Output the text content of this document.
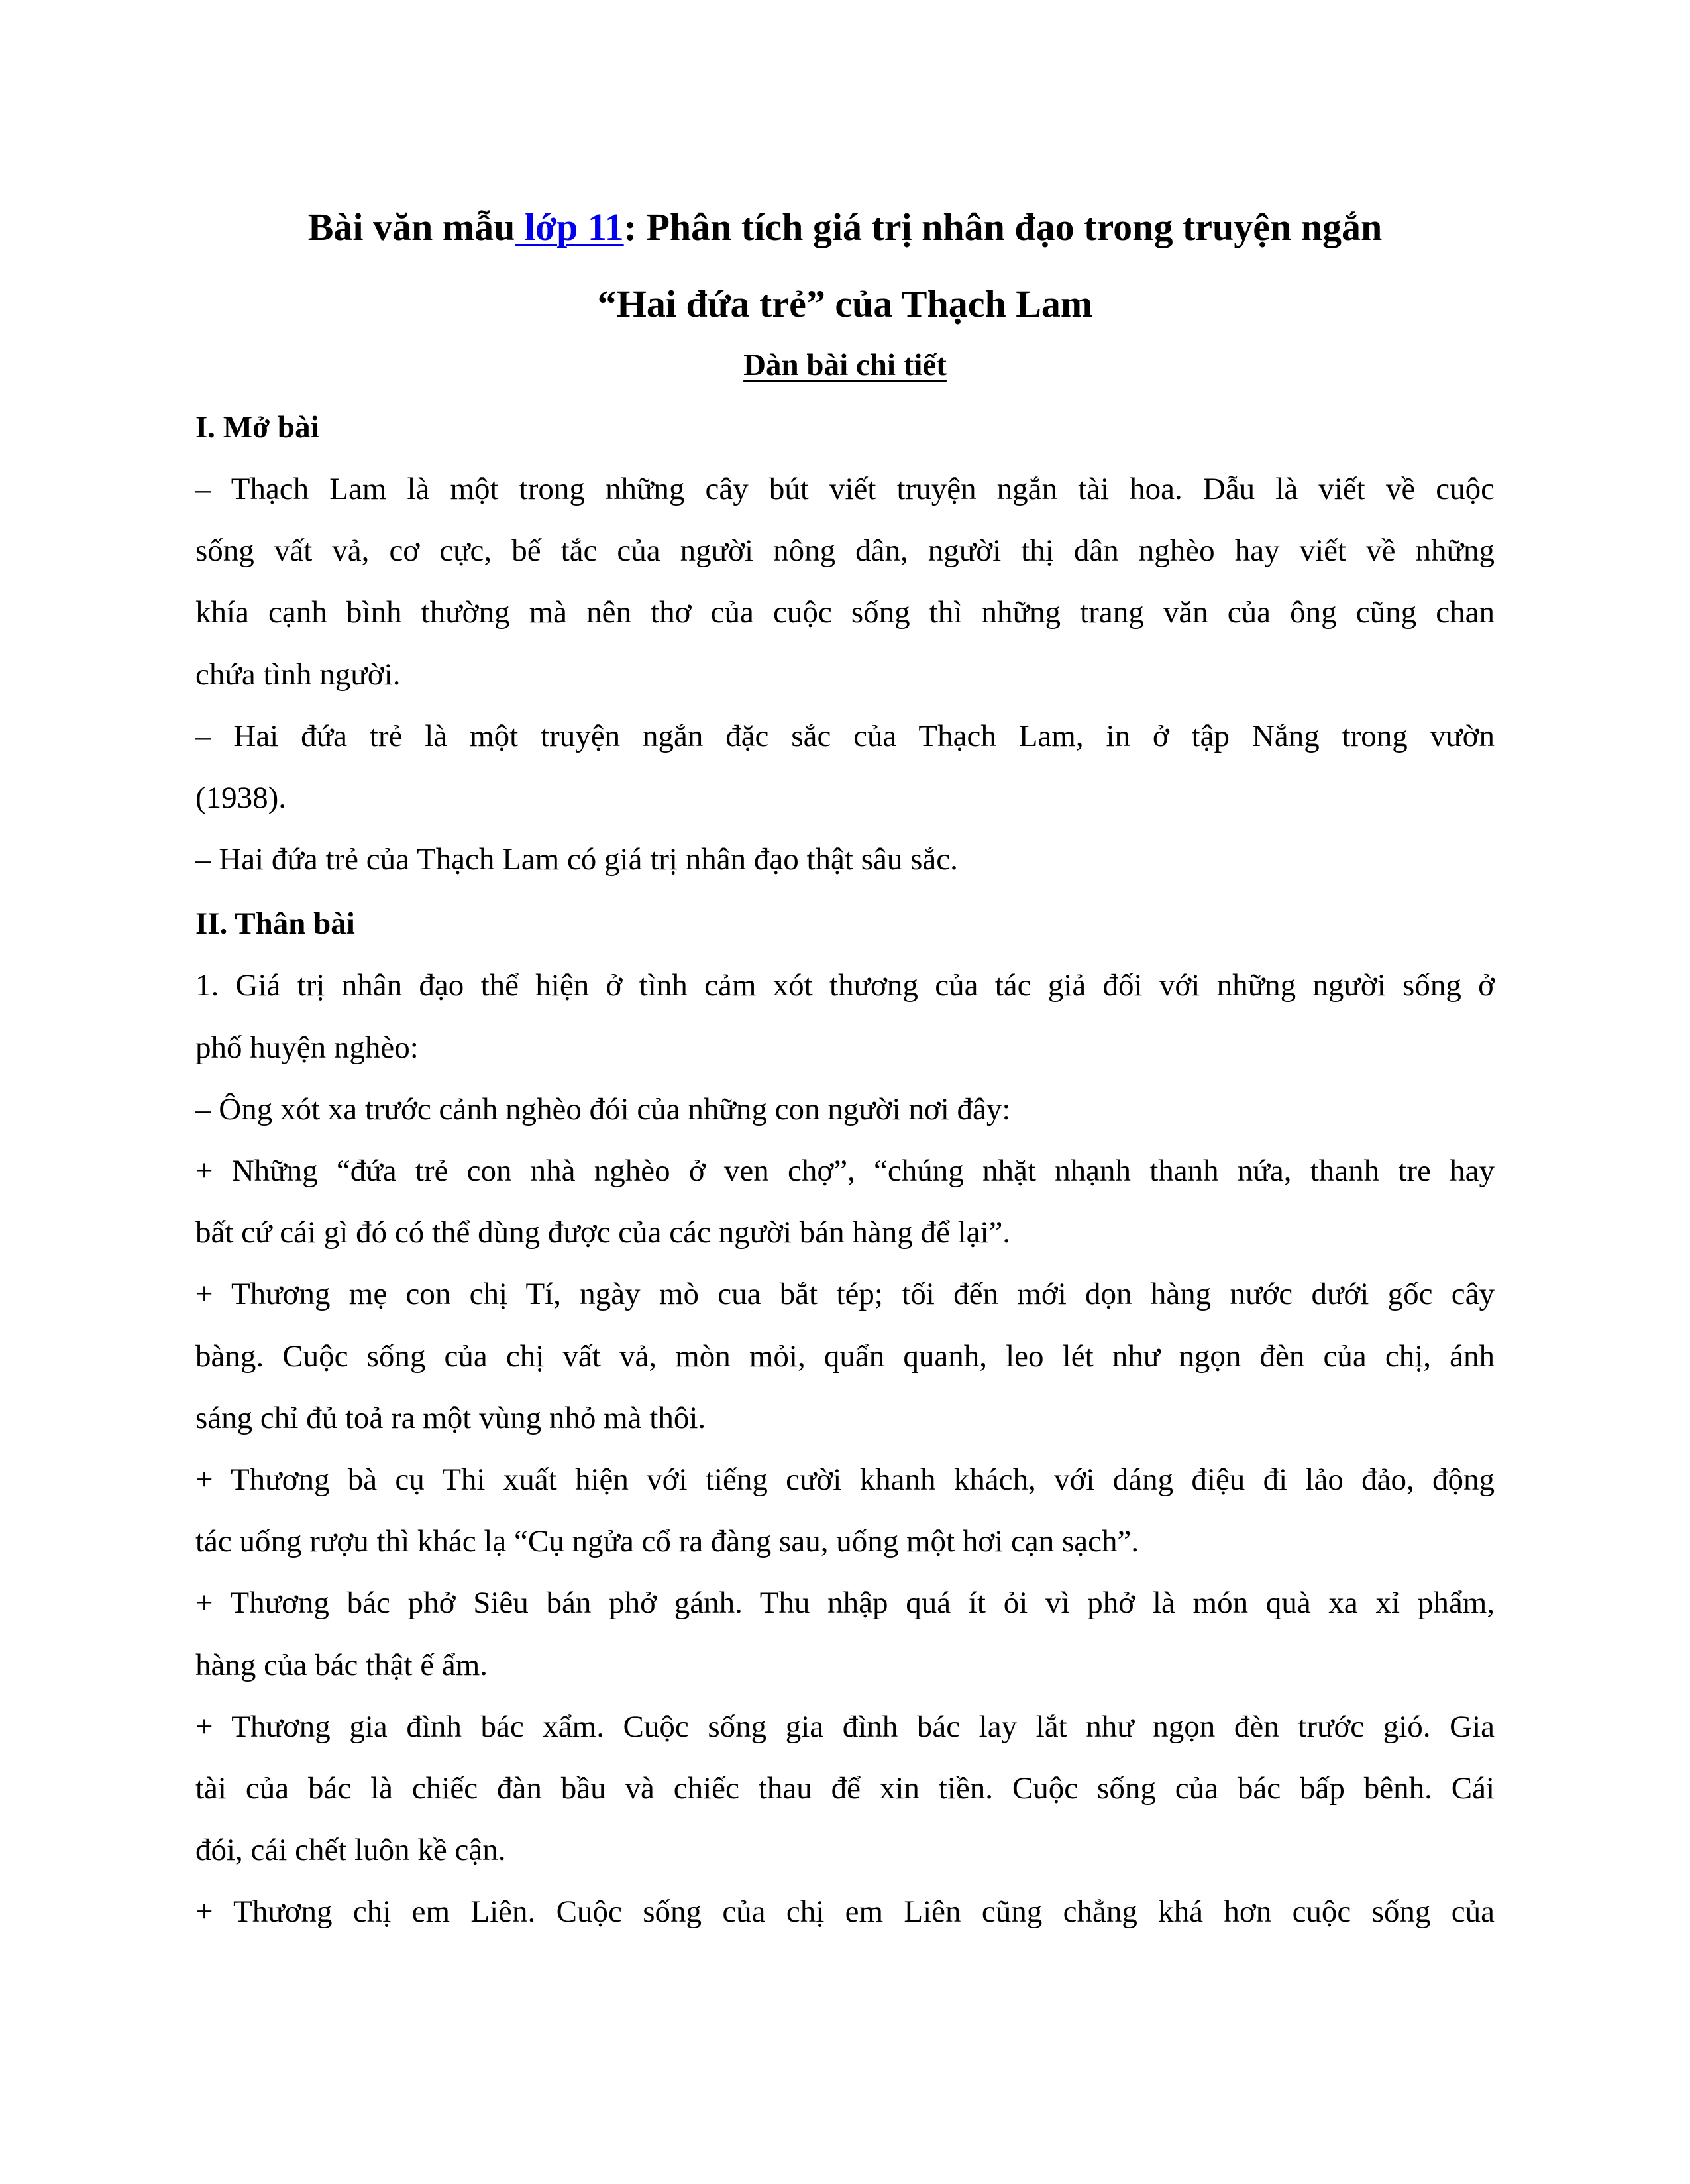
Bài văn mẫu lớp 11: Phân tích giá trị nhân đạo trong truyện ngắn
“Hai đứa trẻ” của Thạch Lam
Dàn bài chi tiết
I. Mở bài

– Thạch Lam là một trong những cây bút viết truyện ngắn tài hoa. Dẫu là viết về cuộc
sống vất vả, cơ cực, bế tắc của người nông dân, người thị dân nghèo hay viết về những
khía cạnh bình thường mà nên thơ của cuộc sống thì những trang văn của ông cũng chan
chứa tình người.

– Hai đứa trẻ là một truyện ngắn đặc sắc của Thạch Lam, in ở tập Nắng trong vườn
(1938).

– Hai đứa trẻ của Thạch Lam có giá trị nhân đạo thật sâu sắc.

II. Thân bài

1. Giá trị nhân đạo thể hiện ở tình cảm xót thương của tác giả đối với những người sống ở
phố huyện nghèo:

– Ông xót xa trước cảnh nghèo đói của những con người nơi đây:

+ Những “đứa trẻ con nhà nghèo ở ven chợ”, “chúng nhặt nhạnh thanh nứa, thanh tre hay
bất cứ cái gì đó có thể dùng được của các người bán hàng để lại”.

+ Thương mẹ con chị Tí, ngày mò cua bắt tép; tối đến mới dọn hàng nước dưới gốc cây
bàng. Cuộc sống của chị vất vả, mòn mỏi, quẩn quanh, leo lét như ngọn đèn của chị, ánh
sáng chỉ đủ toả ra một vùng nhỏ mà thôi.

+ Thương bà cụ Thi xuất hiện với tiếng cười khanh khách, với dáng điệu đi lảo đảo, động
tác uống rượu thì khác lạ “Cụ ngửa cổ ra đàng sau, uống một hơi cạn sạch”.

+ Thương bác phở Siêu bán phở gánh. Thu nhập quá ít ỏi vì phở là món quà xa xỉ phẩm,
hàng của bác thật ế ẩm.

+ Thương gia đình bác xẩm. Cuộc sống gia đình bác lay lắt như ngọn đèn trước gió. Gia
tài của bác là chiếc đàn bầu và chiếc thau để xin tiền. Cuộc sống của bác bấp bênh. Cái
đói, cái chết luôn kề cận.

+ Thương chị em Liên. Cuộc sống của chị em Liên cũng chẳng khá hơn cuộc sống của
